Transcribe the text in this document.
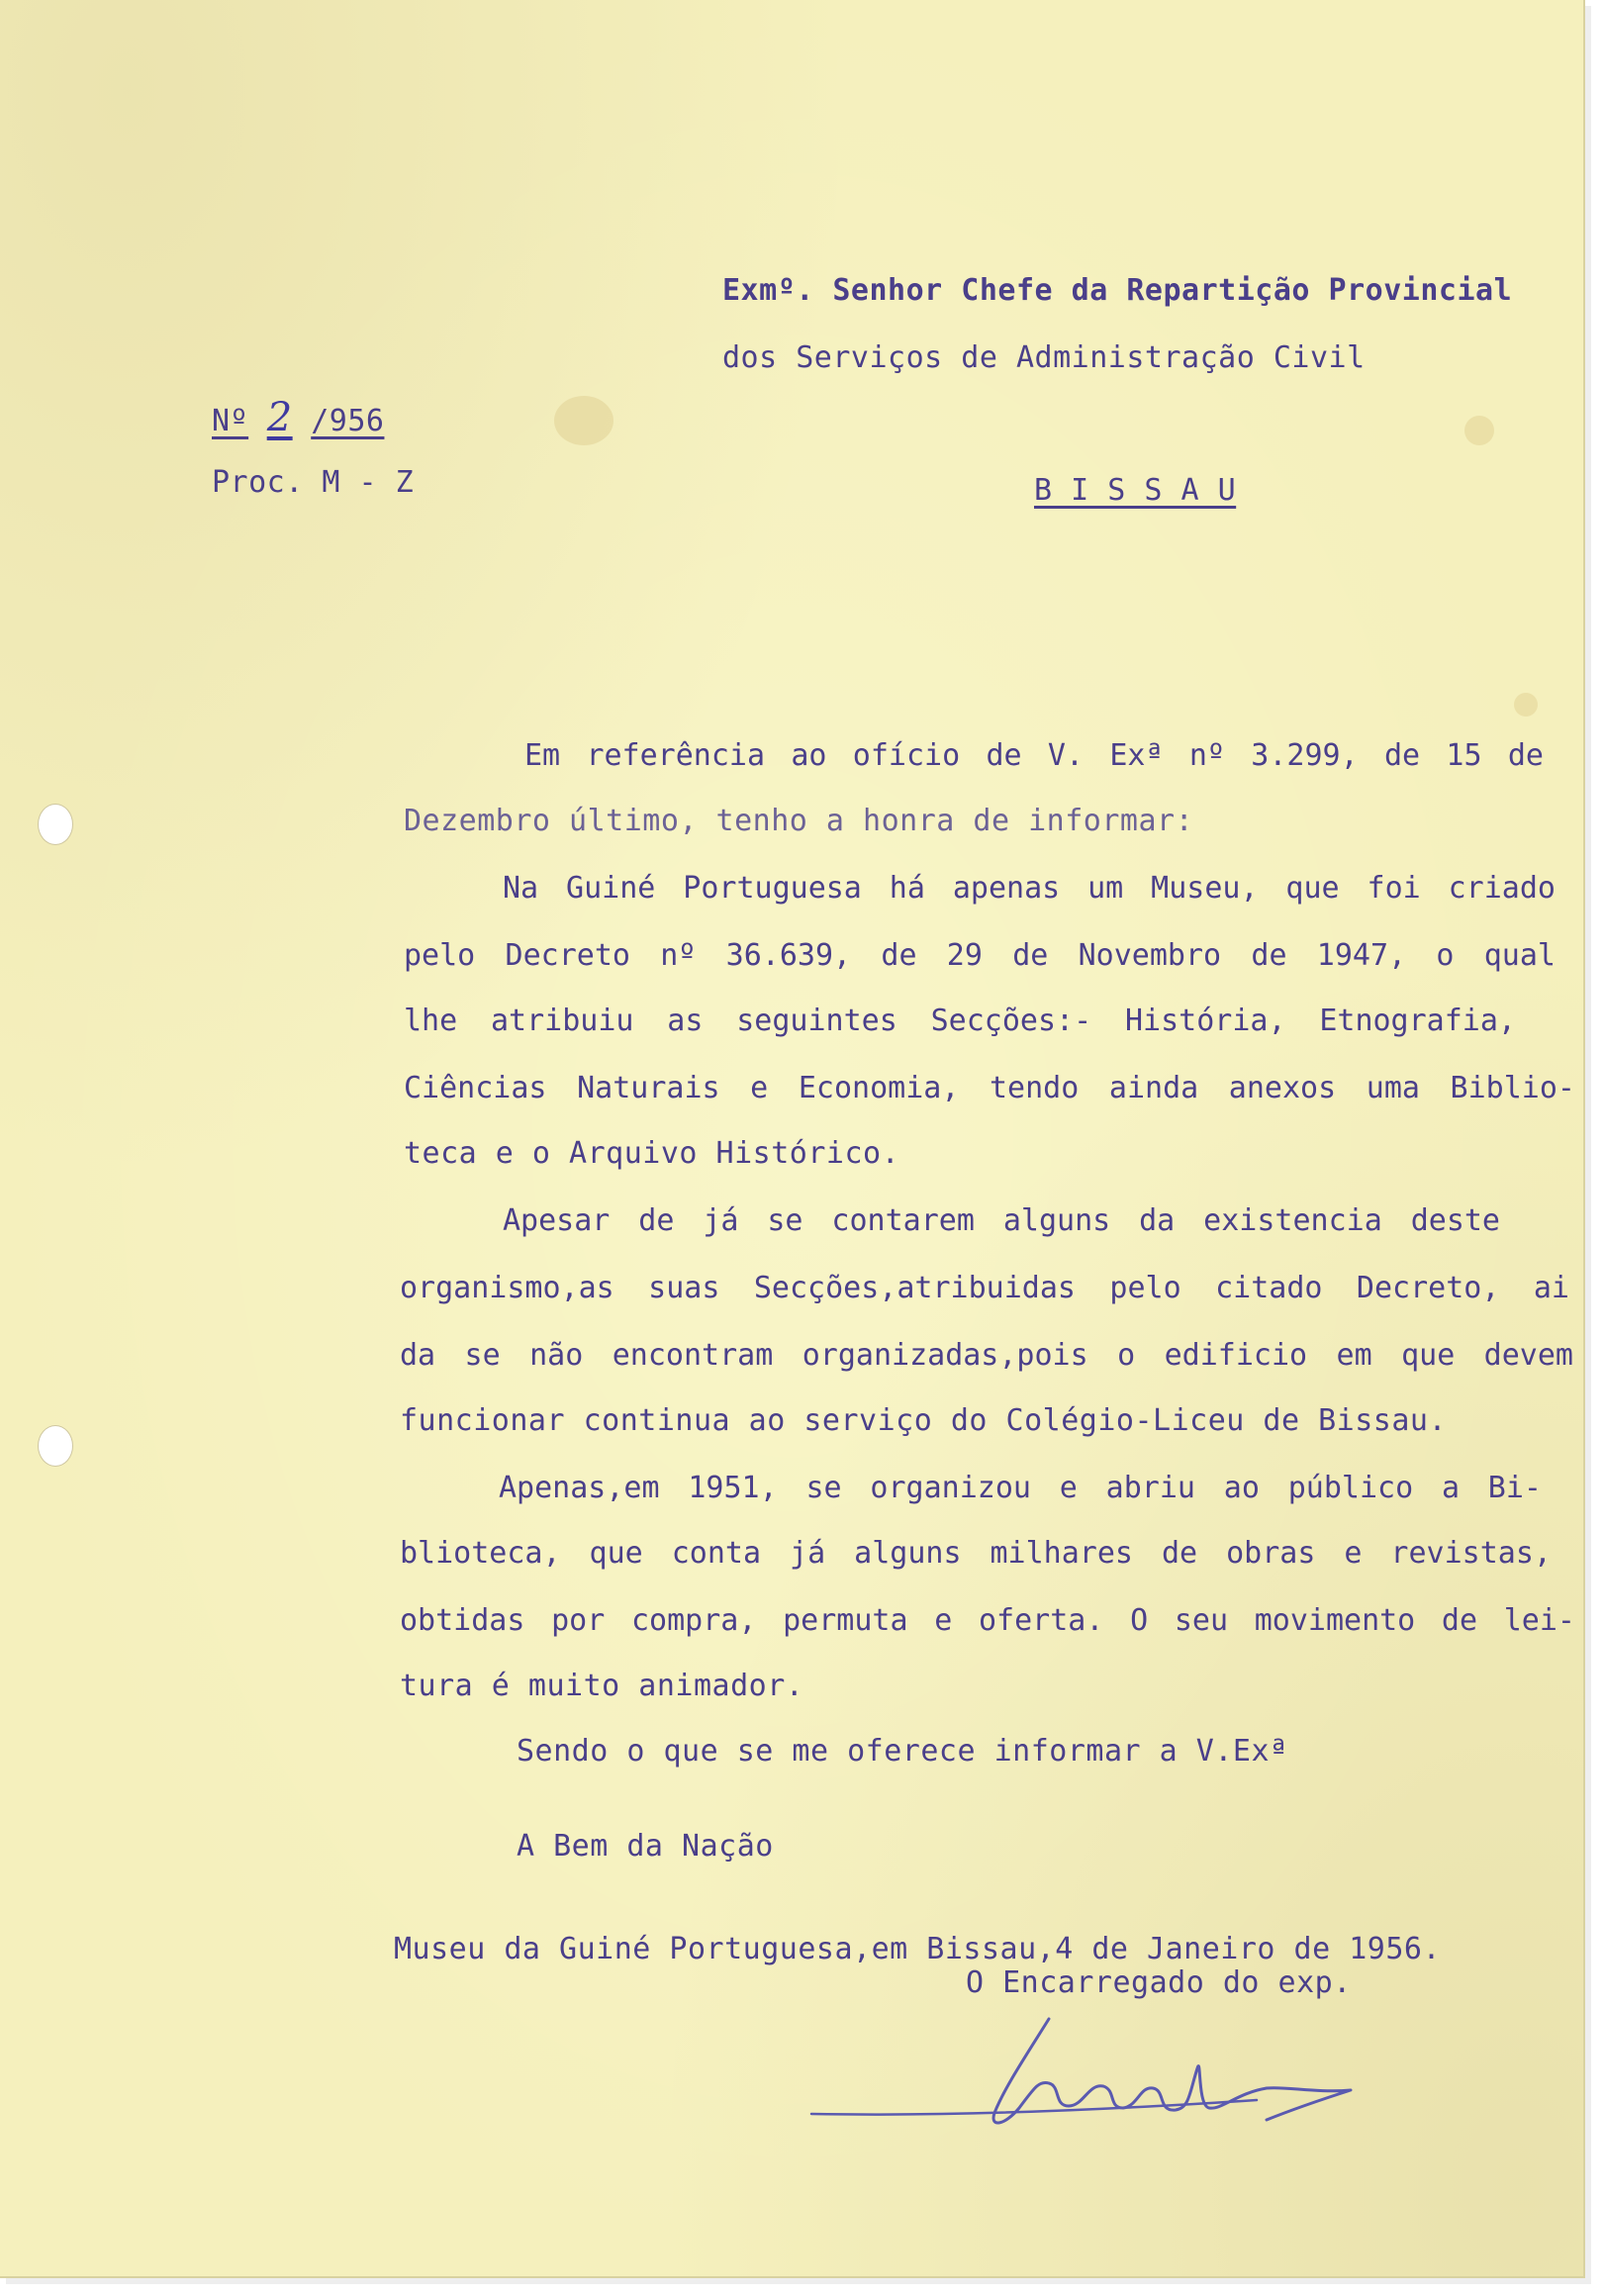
Exmº. Senhor Chefe da Repartição Provincial
dos Serviços de Administração Civil
B I S S A U
Nº 2 /956
Proc. M - Z
Em referência ao ofício de V. Exª nº 3.299, de 15 de
Dezembro último, tenho a honra de informar:
Na Guiné Portuguesa há apenas um Museu, que foi criado
pelo Decreto nº 36.639, de 29 de Novembro de 1947, o qual
lhe atribuiu as seguintes Secções:- História, Etnografia,
Ciências Naturais e Economia, tendo ainda anexos uma Biblio-
teca e o Arquivo Histórico.
Apesar de já se contarem alguns da existencia deste
organismo,as suas Secções,atribuidas pelo citado Decreto, ai
da se não encontram organizadas,pois o edificio em que devem
funcionar continua ao serviço do Colégio-Liceu de Bissau.
Apenas,em 1951, se organizou e abriu ao público a Bi-
blioteca, que conta já alguns milhares de obras e revistas,
obtidas por compra, permuta e oferta. O seu movimento de lei-
tura é muito animador.
Sendo o que se me oferece informar a V.Exª
A Bem da Nação
Museu da Guiné Portuguesa,em Bissau,4 de Janeiro de 1956.
O Encarregado do exp.
